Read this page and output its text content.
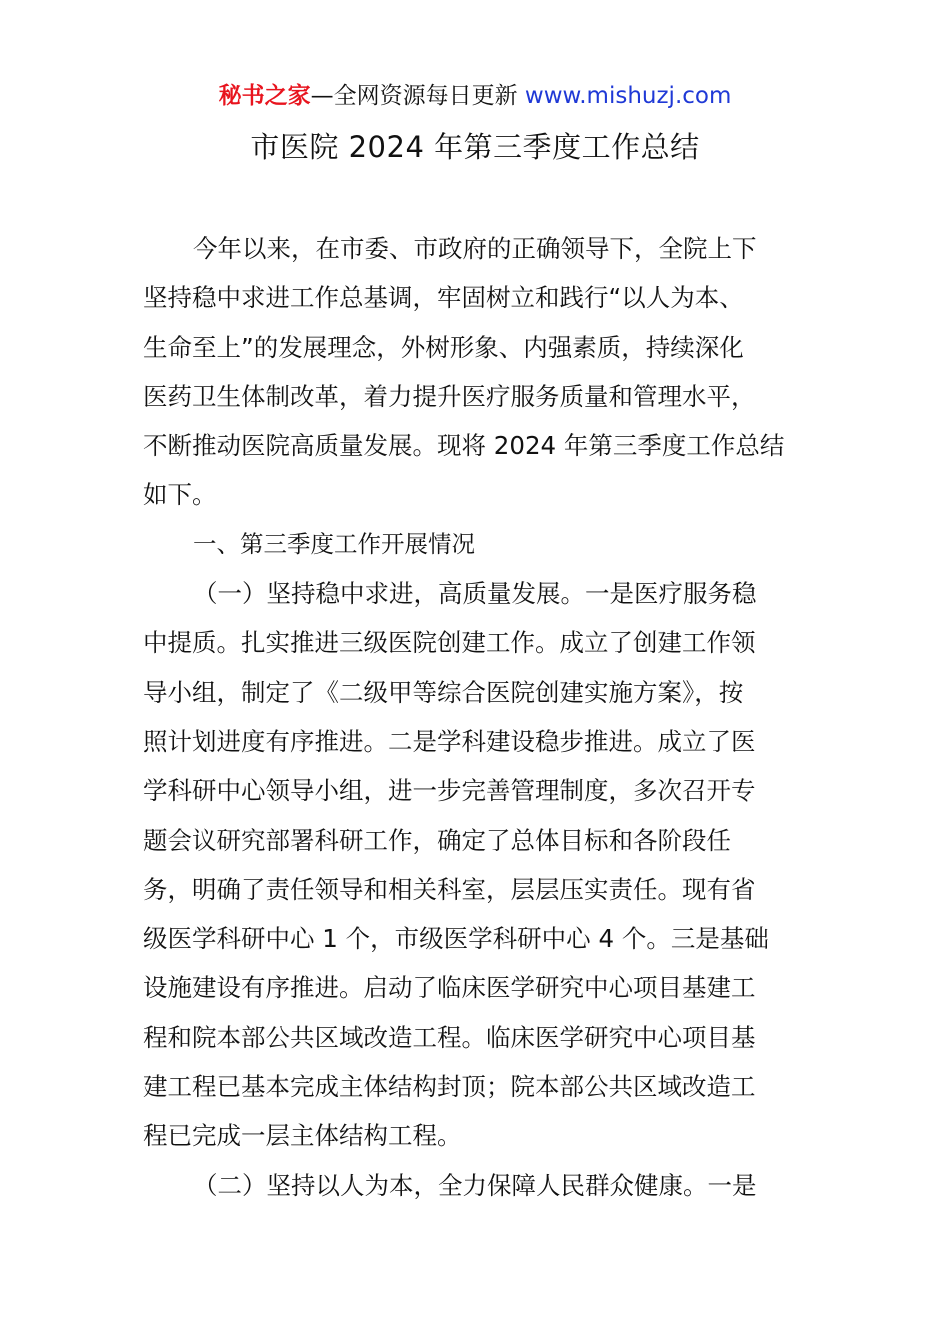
秘书之家—全网资源每日更新 www.mishuzj.com
市医院 2024 年第三季度工作总结
今年以来，在市委、市政府的正确领导下，全院上下
坚持稳中求进工作总基调，牢固树立和践行“以人为本、
生命至上”的发展理念，外树形象、内强素质，持续深化
医药卫生体制改革，着力提升医疗服务质量和管理水平，
不断推动医院高质量发展。现将 2024 年第三季度工作总结
如下。
一、第三季度工作开展情况
（一）坚持稳中求进，高质量发展。一是医疗服务稳
中提质。扎实推进三级医院创建工作。成立了创建工作领
导小组，制定了《二级甲等综合医院创建实施方案》，按
照计划进度有序推进。二是学科建设稳步推进。成立了医
学科研中心领导小组，进一步完善管理制度，多次召开专
题会议研究部署科研工作，确定了总体目标和各阶段任
务，明确了责任领导和相关科室，层层压实责任。现有省
级医学科研中心 1 个，市级医学科研中心 4 个。三是基础
设施建设有序推进。启动了临床医学研究中心项目基建工
程和院本部公共区域改造工程。临床医学研究中心项目基
建工程已基本完成主体结构封顶；院本部公共区域改造工
程已完成一层主体结构工程。
（二）坚持以人为本，全力保障人民群众健康。一是
